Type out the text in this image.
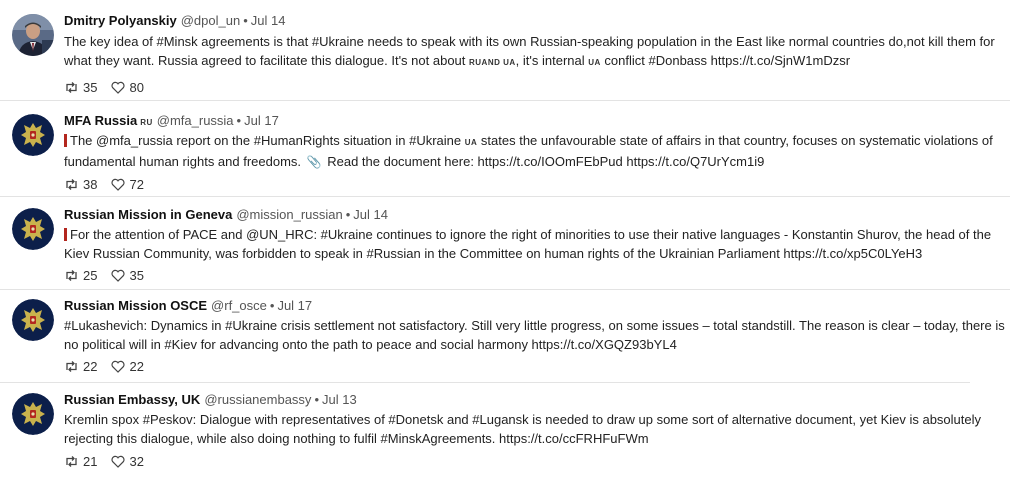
Dmitry Polyanskiy @dpol_un • Jul 14
The key idea of #Minsk agreements is that #Ukraine needs to speak with its own Russian-speaking population in the East like normal countries do,not kill them for what they want. Russia agreed to facilitate this dialogue. It's not about RUAND UA, it's internal UA conflict #Donbass https://t.co/SjnW1mDzsr
35 80
MFA Russia RU @mfa_russia • Jul 17
The @mfa_russia report on the #HumanRights situation in #Ukraine UA states the unfavourable state of affairs in that country, focuses on systematic violations of fundamental human rights and freedoms. 📎 Read the document here: https://t.co/IOOmFEbPud https://t.co/Q7UrYcm1i9
38 72
Russian Mission in Geneva @mission_russian • Jul 14
For the attention of PACE and @UN_HRC: #Ukraine continues to ignore the right of minorities to use their native languages - Konstantin Shurov, the head of the Kiev Russian Community, was forbidden to speak in #Russian in the Committee on human rights of the Ukrainian Parliament https://t.co/xp5C0LYeH3
25 35
Russian Mission OSCE @rf_osce • Jul 17
#Lukashevich: Dynamics in #Ukraine crisis settlement not satisfactory. Still very little progress, on some issues – total standstill. The reason is clear – today, there is no political will in #Kiev for advancing onto the path to peace and social harmony https://t.co/XGQZ93bYL4
22 22
Russian Embassy, UK @russianembassy • Jul 13
Kremlin spox #Peskov: Dialogue with representatives of #Donetsk and #Lugansk is needed to draw up some sort of alternative document, yet Kiev is absolutely rejecting this dialogue, while also doing nothing to fulfil #MinskAgreements. https://t.co/ccFRHFuFWm
21 32
